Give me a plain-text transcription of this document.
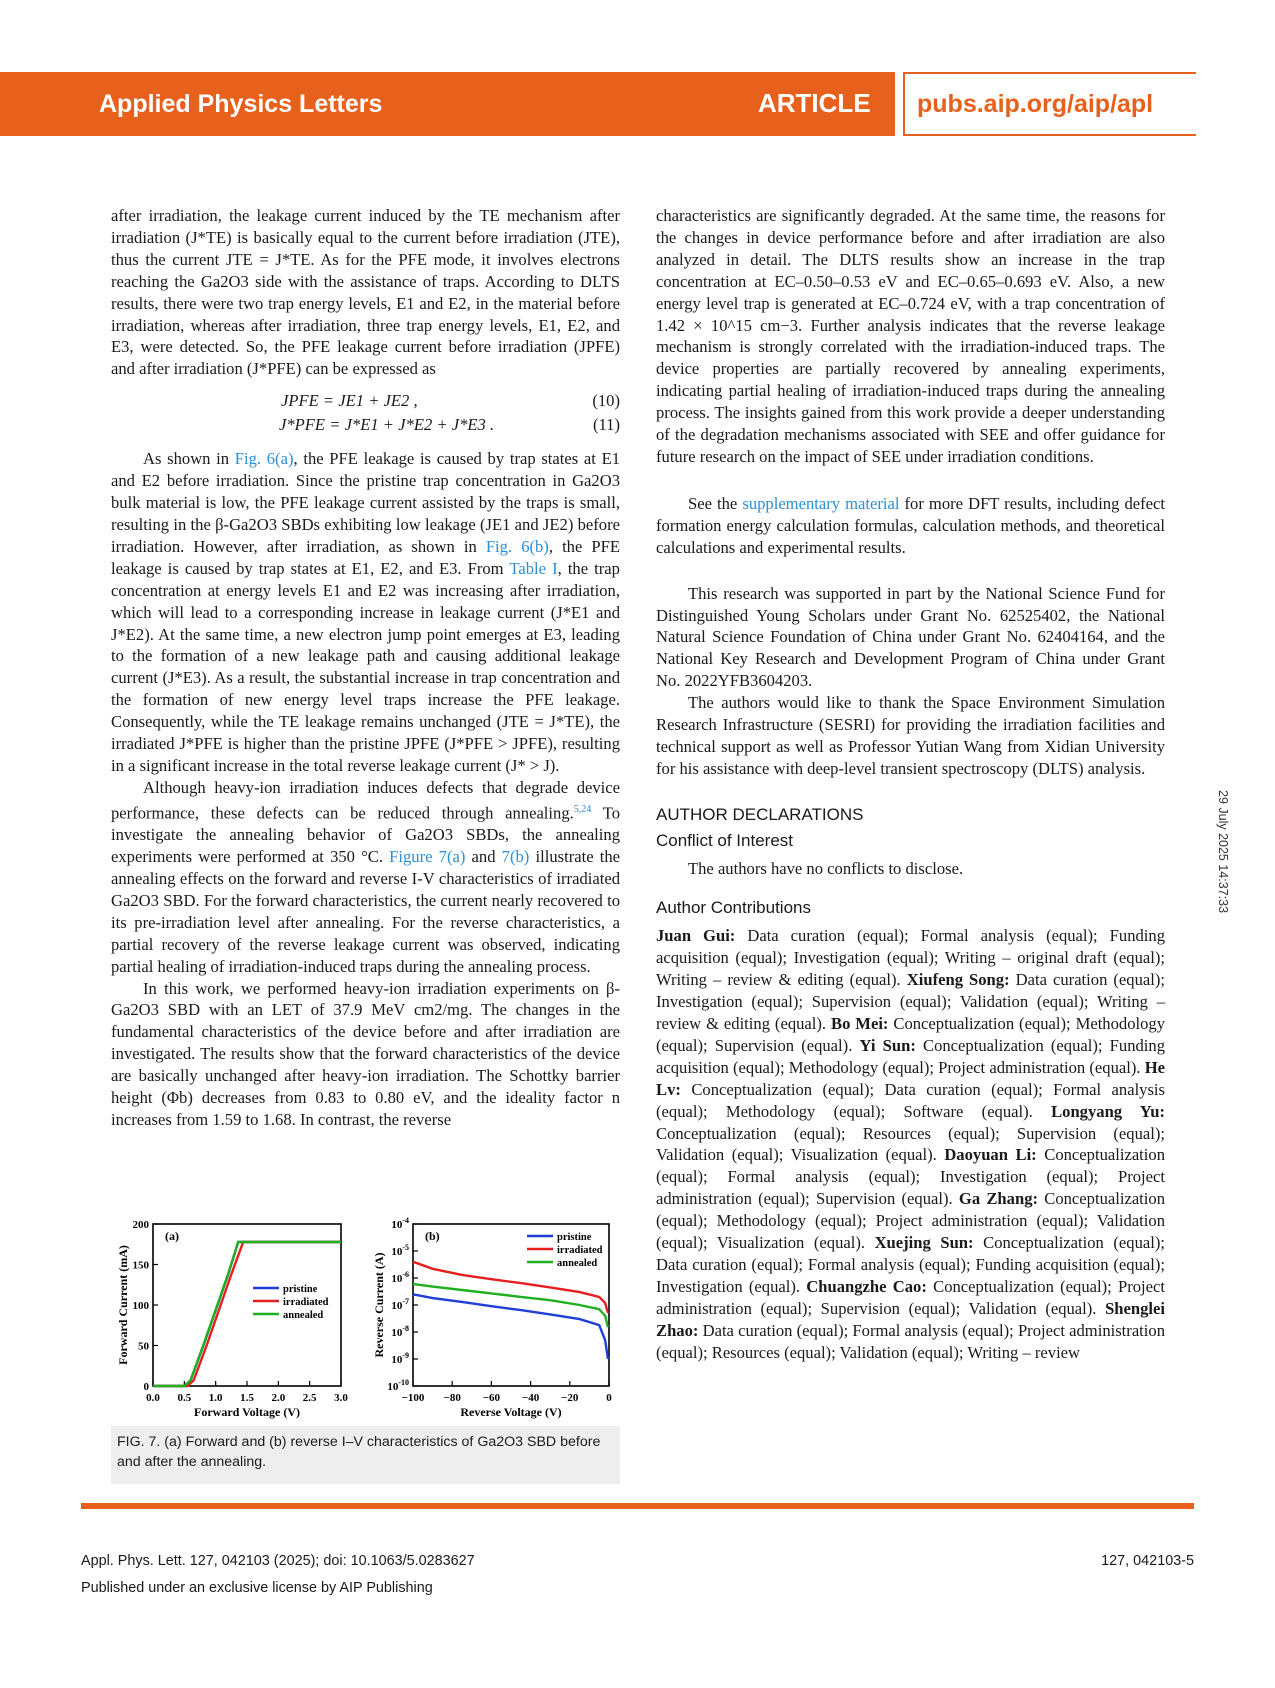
Applied Physics Letters	ARTICLE pubs.aip.org/aip/apl

after irradiation, the leakage current induced by the TE mechanism after irradiation (J*TE) is basically equal to the current before irradiation (JTE), thus the current JTE = J*TE. As for the PFE mode, it involves electrons reaching the Ga2O3 side with the assistance of traps. According to DLTS results, there were two trap energy levels, E1 and E2, in the material before irradiation, whereas after irradiation, three trap energy levels, E1, E2, and E3, were detected. So, the PFE leakage current before irradiation (JPFE) and after irradiation (J*PFE) can be expressed as

JPFE = JE1 + JE2 ,	(10)
J*PFE = J*E1 + J*E2 + J*E3 .	(11)

As shown in Fig. 6(a), the PFE leakage is caused by trap states at E1 and E2 before irradiation. Since the pristine trap concentration in Ga2O3 bulk material is low, the PFE leakage current assisted by the traps is small, resulting in the β-Ga2O3 SBDs exhibiting low leakage (JE1 and JE2) before irradiation. However, after irradiation, as shown in Fig. 6(b), the PFE leakage is caused by trap states at E1, E2, and E3. From Table I, the trap concentration at energy levels E1 and E2 was increasing after irradiation, which will lead to a corresponding increase in leakage current (J*E1 and J*E2). At the same time, a new electron jump point emerges at E3, leading to the formation of a new leakage path and causing additional leakage current (J*E3). As a result, the substantial increase in trap concentration and the formation of new energy level traps increase the PFE leakage. Consequently, while the TE leakage remains unchanged (JTE = J*TE), the irradiated J*PFE is higher than the pristine JPFE (J*PFE > JPFE), resulting in a significant increase in the total reverse leakage current (J* > J).

Although heavy-ion irradiation induces defects that degrade device performance, these defects can be reduced through annealing.$^{5,24}$ To investigate the annealing behavior of Ga2O3 SBDs, the annealing experiments were performed at 350 °C. Figure 7(a) and 7(b) illustrate the annealing effects on the forward and reverse I-V characteristics of irradiated Ga2O3 SBD. For the forward characteristics, the current nearly recovered to its pre-irradiation level after annealing. For the reverse characteristics, a partial recovery of the reverse leakage current was observed, indicating partial healing of irradiation-induced traps during the annealing process.

In this work, we performed heavy-ion irradiation experiments on β-Ga2O3 SBD with an LET of 37.9 MeV cm2/mg. The changes in the fundamental characteristics of the device before and after irradiation are investigated. The results show that the forward characteristics of the device are basically unchanged after heavy-ion irradiation. The Schottky barrier height (Φb) decreases from 0.83 to 0.80 eV, and the ideality factor n increases from 1.59 to 1.68. In contrast, the reverse

0.0 0.5 1.0 1.5 2.0 2.5 3.0
0
50
100
150
200
Forward Voltage (V)
Forward Current (mA)
(a)
pristine
irradiated
annealed
−100 −80 −60 −40 −20	0
$10^{-10}$
$10^{-9}$
$10^{-8}$
$10^{-7}$
$10^{-6}$
$10^{-5}$
$10^{-4}$
Reverse Voltage (V)
Reverse Current (A)
(b)	pristine
irradiated
annealed
FIG. 7. (a) Forward and (b) reverse I–V characteristics of Ga2O3 SBD before and after the annealing.

characteristics are significantly degraded. At the same time, the reasons for the changes in device performance before and after irradiation are also analyzed in detail. The DLTS results show an increase in the trap concentration at EC–0.50–0.53 eV and EC–0.65–0.693 eV. Also, a new energy level trap is generated at EC–0.724 eV, with a trap concentration of 1.42 × 10^15 cm−3. Further analysis indicates that the reverse leakage mechanism is strongly correlated with the irradiation-induced traps. The device properties are partially recovered by annealing experiments, indicating partial healing of irradiation-induced traps during the annealing process. The insights gained from this work provide a deeper understanding of the degradation mechanisms associated with SEE and offer guidance for future research on the impact of SEE under irradiation conditions.

See the supplementary material for more DFT results, including defect formation energy calculation formulas, calculation methods, and theoretical calculations and experimental results.

This research was supported in part by the National Science Fund for Distinguished Young Scholars under Grant No. 62525402, the National Natural Science Foundation of China under Grant No. 62404164, and the National Key Research and Development Program of China under Grant No. 2022YFB3604203.

The authors would like to thank the Space Environment Simulation Research Infrastructure (SESRI) for providing the irradiation facilities and technical support as well as Professor Yutian Wang from Xidian University for his assistance with deep-level transient spectroscopy (DLTS) analysis.

AUTHOR DECLARATIONS

Conflict of Interest

The authors have no conflicts to disclose.

Author Contributions

Juan Gui: Data curation (equal); Formal analysis (equal); Funding acquisition (equal); Investigation (equal); Writing – original draft (equal); Writing – review & editing (equal). Xiufeng Song: Data curation (equal); Investigation (equal); Supervision (equal); Validation (equal); Writing – review & editing (equal). Bo Mei: Conceptualization (equal); Methodology (equal); Supervision (equal). Yi Sun: Conceptualization (equal); Funding acquisition (equal); Methodology (equal); Project administration (equal). He Lv: Conceptualization (equal); Data curation (equal); Formal analysis (equal); Methodology (equal); Software (equal). Longyang Yu: Conceptualization (equal); Resources (equal); Supervision (equal); Validation (equal); Visualization (equal). Daoyuan Li: Conceptualization (equal); Formal analysis (equal); Investigation (equal); Project administration (equal); Supervision (equal). Ga Zhang: Conceptualization (equal); Methodology (equal); Project administration (equal); Validation (equal); Visualization (equal). Xuejing Sun: Conceptualization (equal); Data curation (equal); Formal analysis (equal); Funding acquisition (equal); Investigation (equal). Chuangzhe Cao: Conceptualization (equal); Project administration (equal); Supervision (equal); Validation (equal). Shenglei Zhao: Data curation (equal); Formal analysis (equal); Project administration (equal); Resources (equal); Validation (equal); Writing – review

Appl. Phys. Lett. 127, 042103 (2025); doi: 10.1063/5.0283627
Published under an exclusive license by AIP Publishing
127, 042103-5
29 July 2025 14:37:33
